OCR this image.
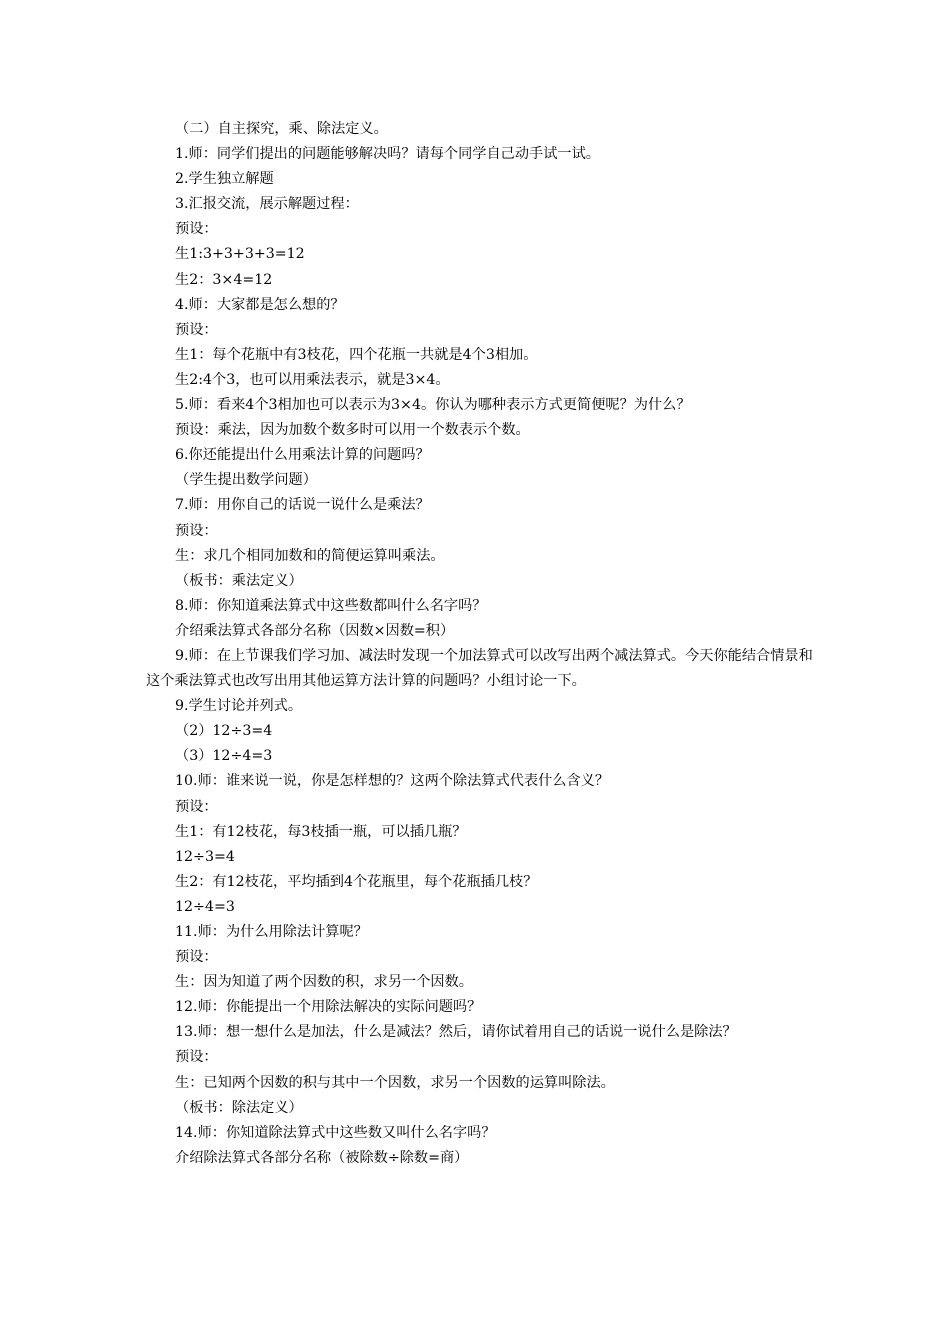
（二）自主探究，乘、除法定义。
1.师：同学们提出的问题能够解决吗？请每个同学自己动手试一试。
2.学生独立解题
3.汇报交流，展示解题过程：
预设：
生1:3+3+3+3=12
生2：3×4=12
4.师：大家都是怎么想的？
预设：
生1：每个花瓶中有3枝花，四个花瓶一共就是4个3相加。
生2:4个3，也可以用乘法表示，就是3×4。
5.师：看来4个3相加也可以表示为3×4。你认为哪种表示方式更简便呢？为什么？
预设：乘法，因为加数个数多时可以用一个数表示个数。
6.你还能提出什么用乘法计算的问题吗？
（学生提出数学问题）
7.师：用你自己的话说一说什么是乘法？
预设：
生：求几个相同加数和的简便运算叫乘法。
（板书：乘法定义）
8.师：你知道乘法算式中这些数都叫什么名字吗？
介绍乘法算式各部分名称（因数×因数=积）
9.师：在上节课我们学习加、减法时发现一个加法算式可以改写出两个减法算式。今天你能结合情景和这个乘法算式也改写出用其他运算方法计算的问题吗？小组讨论一下。
9.学生讨论并列式。
（2）12÷3=4
（3）12÷4=3
10.师：谁来说一说，你是怎样想的？这两个除法算式代表什么含义？
预设：
生1：有12枝花，每3枝插一瓶，可以插几瓶？
12÷3=4
生2：有12枝花，平均插到4个花瓶里，每个花瓶插几枝？
12÷4=3
11.师：为什么用除法计算呢？
预设：
生：因为知道了两个因数的积，求另一个因数。
12.师：你能提出一个用除法解决的实际问题吗？
13.师：想一想什么是加法，什么是减法？然后，请你试着用自己的话说一说什么是除法？
预设：
生：已知两个因数的积与其中一个因数，求另一个因数的运算叫除法。
（板书：除法定义）
14.师：你知道除法算式中这些数又叫什么名字吗？
介绍除法算式各部分名称（被除数÷除数=商）
